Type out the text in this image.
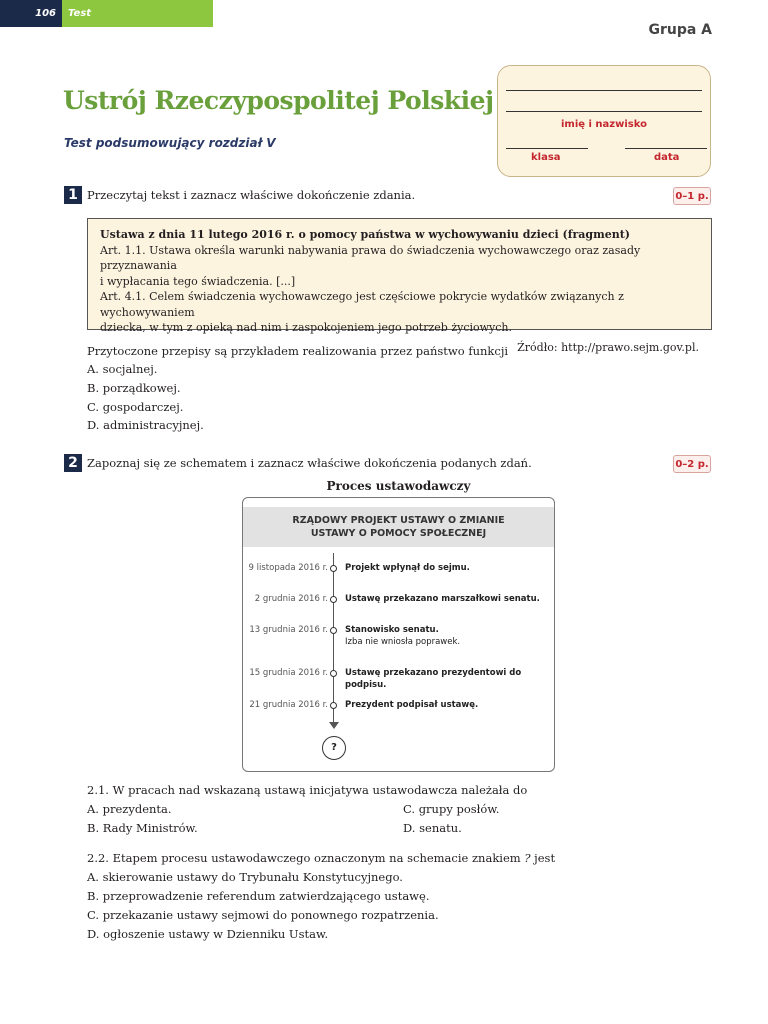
106	Test
Grupa A
Ustrój Rzeczypospolitej Polskiej
Test podsumowujący rozdział V
imię i nazwisko
klasa	data
1 Przeczytaj tekst i zaznacz właściwe dokończenie zdania.	0–1 p.
Ustawa z dnia 11 lutego 2016 r. o pomocy państwa w wychowywaniu dzieci (fragment)
Art. 1.1. Ustawa określa warunki nabywania prawa do świadczenia wychowawczego oraz zasady przyznawania
i wypłacania tego świadczenia. [...]
Art. 4.1. Celem świadczenia wychowawczego jest częściowe pokrycie wydatków związanych z wychowywaniem
dziecka, w tym z opieką nad nim i zaspokojeniem jego potrzeb życiowych.
Źródło: http://prawo.sejm.gov.pl.
Przytoczone przepisy są przykładem realizowania przez państwo funkcji
A. socjalnej.
B. porządkowej.
C. gospodarczej.
D. administracyjnej.
2 Zapoznaj się ze schematem i zaznacz właściwe dokończenia podanych zdań.	0–2 p.
Proces ustawodawczy
RZĄDOWY PROJEKT USTAWY O ZMIANIE
USTAWY O POMOCY SPOŁECZNEJ
9 listopada 2016 r. Projekt wpłynął do sejmu.
2 grudnia 2016 r. Ustawę przekazano marszałkowi senatu.
13 grudnia 2016 r. Stanowisko senatu.
Izba nie wniosła poprawek.
15 grudnia 2016 r. Ustawę przekazano prezydentowi do podpisu.
21 grudnia 2016 r. Prezydent podpisał ustawę.
?
2.1. W pracach nad wskazaną ustawą inicjatywa ustawodawcza należała do
A. prezydenta.
B. Rady Ministrów.
C. grupy posłów.
D. senatu.
2.2. Etapem procesu ustawodawczego oznaczonym na schemacie znakiem ? jest
A. skierowanie ustawy do Trybunału Konstytucyjnego.
B. przeprowadzenie referendum zatwierdzającego ustawę.
C. przekazanie ustawy sejmowi do ponownego rozpatrzenia.
D. ogłoszenie ustawy w Dzienniku Ustaw.
